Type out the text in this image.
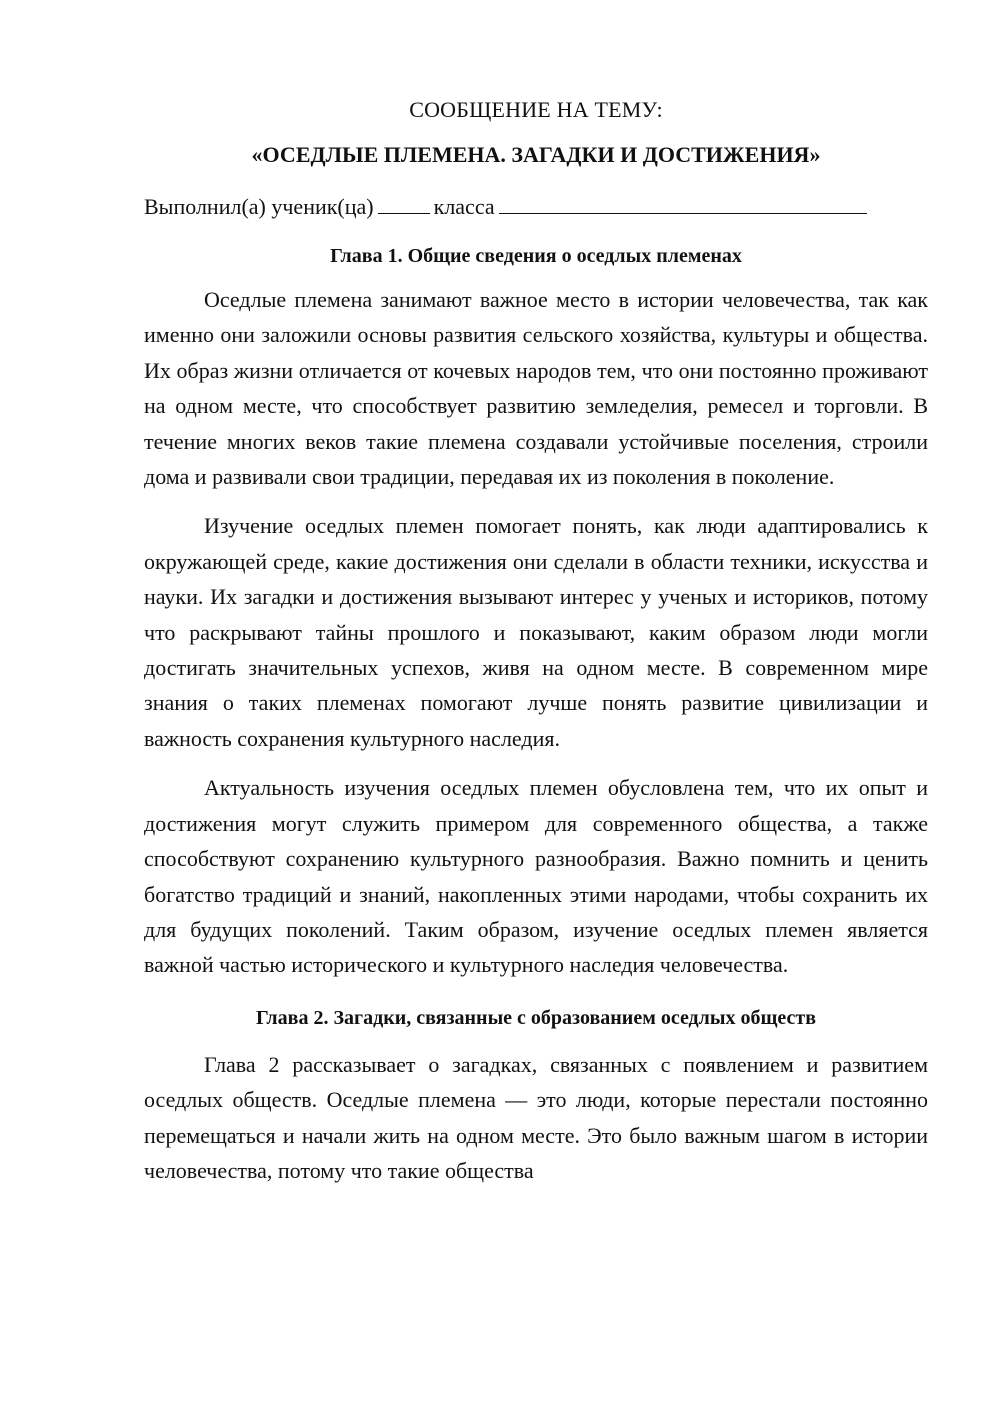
СООБЩЕНИЕ НА ТЕМУ:
«ОСЕДЛЫЕ ПЛЕМЕНА. ЗАГАДКИ И ДОСТИЖЕНИЯ»

Выполнил(а) ученик(ца)	класса

Глава 1. Общие сведения о оседлых племенах

Оседлые племена занимают важное место в истории человечества, так как именно они заложили основы развития сельского хозяйства, культуры и общества. Их образ жизни отличается от кочевых народов тем, что они постоянно проживают на одном месте, что способствует развитию земледелия, ремесел и торговли. В течение многих веков такие племена создавали устойчивые поселения, строили дома и развивали свои традиции, передавая их из поколения в поколение.

Изучение оседлых племен помогает понять, как люди адаптировались к окружающей среде, какие достижения они сделали в области техники, искусства и науки. Их загадки и достижения вызывают интерес у ученых и историков, потому что раскрывают тайны прошлого и показывают, каким образом люди могли достигать значительных успехов, живя на одном месте. В современном мире знания о таких племенах помогают лучше понять развитие цивилизации и важность сохранения культурного наследия.

Актуальность изучения оседлых племен обусловлена тем, что их опыт и достижения могут служить примером для современного общества, а также способствуют сохранению культурного разнообразия. Важно помнить и ценить богатство традиций и знаний, накопленных этими народами, чтобы сохранить их для будущих поколений. Таким образом, изучение оседлых племен является важной частью исторического и культурного наследия человечества.

Глава 2. Загадки, связанные с образованием оседлых обществ

Глава 2 рассказывает о загадках, связанных с появлением и развитием оседлых обществ. Оседлые племена — это люди, которые перестали постоянно перемещаться и начали жить на одном месте. Это было важным шагом в истории человечества, потому что такие общества
